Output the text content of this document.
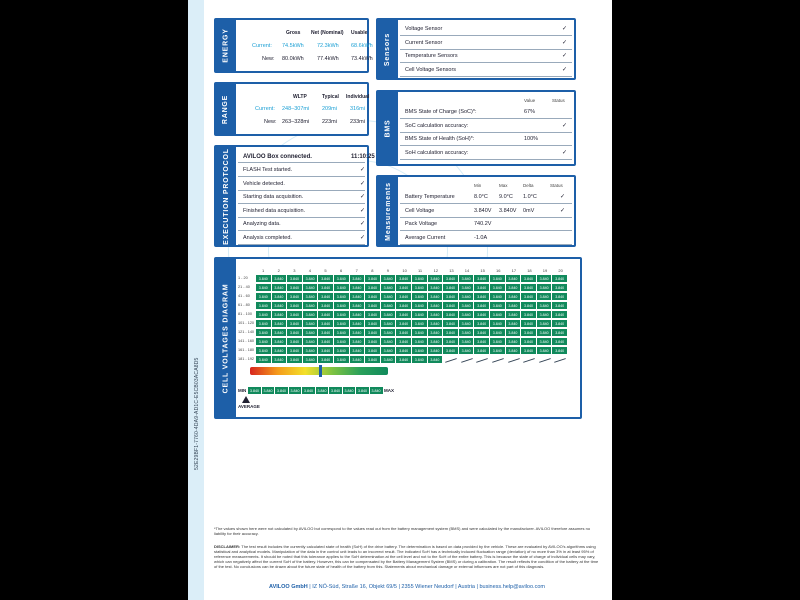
52E29BF1-7760-4DA9-AD1C-E5CB03ACA8D5
ENERGY	Gross Net (Nominal) Usable
Current: 74.5kWh 72.3kWh 68.6kWh
New: 80.0kWh 77.4kWh 73.4kWh
RANGE	WLTP	Typical Individual
Current: 248–307mi 209mi 316mi
New: 263–328mi 223mi 233mi
EXECUTION PROTOCOL AVILOO Box connected.	11:10:25
FLASH Test started.	✓
Vehicle detected.	✓
Starting data acquisition.	✓
Finished data acquisition.	✓
Analyzing data.	✓
Analysis completed.	✓
Sensors
Voltage Sensor	✓
Current Sensor	✓
Temperature Sensors	✓
Cell Voltage Sensors	✓
BMS
Value	Status
BMS State of Charge (SoC)*:	67%
SoC calculation accuracy:	✓
BMS State of Health (SoH)*:	100%
SoH calculation accuracy:	✓
Measurements	Min	Max	Delta	Status
Battery Temperature	8.0°C 9.0°C 1.0°C	✓
Cell Voltage	3.840V 3.840V 0mV	✓
Pack Voltage	740.2V
Average Current	-1.0A
CELL VOLTAGES DIAGRAM MIN	MAX
3.840	3.840	3.840	3.840	3.840	3.840	3.840	3.840	3.840	3.840
AVERAGE
1	2	3	4	5	6	7	8	9	10	11	12	13	14	15	16	17	18	19	20
1 - 20	3.840	3.840	3.840	3.840	3.840	3.840	3.840	3.840	3.840	3.840	3.840	3.840	3.840	3.840	3.840	3.840	3.840	3.840	3.840	3.840
21 - 40	3.840	3.840	3.840	3.840	3.840	3.840	3.840	3.840	3.840	3.840	3.840	3.840	3.840	3.840	3.840	3.840	3.840	3.840	3.840	3.840
41 - 60	3.840	3.840	3.840	3.840	3.840	3.840	3.840	3.840	3.840	3.840	3.840	3.840	3.840	3.840	3.840	3.840	3.840	3.840	3.840	3.840
61 - 80	3.840	3.840	3.840	3.840	3.840	3.840	3.840	3.840	3.840	3.840	3.840	3.840	3.840	3.840	3.840	3.840	3.840	3.840	3.840	3.840
81 - 100	3.840	3.840	3.840	3.840	3.840	3.840	3.840	3.840	3.840	3.840	3.840	3.840	3.840	3.840	3.840	3.840	3.840	3.840	3.840	3.840
101 - 120	3.840	3.840	3.840	3.840	3.840	3.840	3.840	3.840	3.840	3.840	3.840	3.840	3.840	3.840	3.840	3.840	3.840	3.840	3.840	3.840
121 - 140	3.840	3.840	3.840	3.840	3.840	3.840	3.840	3.840	3.840	3.840	3.840	3.840	3.840	3.840	3.840	3.840	3.840	3.840	3.840	3.840
141 - 160	3.840	3.840	3.840	3.840	3.840	3.840	3.840	3.840	3.840	3.840	3.840	3.840	3.840	3.840	3.840	3.840	3.840	3.840	3.840	3.840
161 - 180	3.840	3.840	3.840	3.840	3.840	3.840	3.840	3.840	3.840	3.840	3.840	3.840	3.840	3.840	3.840	3.840	3.840	3.840	3.840	3.840
181 - 192	3.840	3.840	3.840	3.840	3.840	3.840	3.840	3.840	3.840	3.840	3.840	3.840
*The values shown here were not calculated by AVILOO but correspond to the values read out from the battery management system (BMS) and were calculated by the manufacturer. AVILOO therefore assumes no liability for their accuracy.
DISCLAIMER: The test result includes the currently calculated state of health (SoH) of the drive battery. The determination is based on data provided by the vehicle. These are evaluated by AVILOO's algorithms using statistical and analytical models. Manipulation of the data in the control unit leads to an incorrect result. The indicated SoH has a technically induced fluctuation range (deviation) of no more than 3% in at least 95% of reference measurements. It should be noted that this tolerance applies to the SoH determination at the cell level and not to the SoH of the entire battery. This is because the state of charge of individual cells may vary, which can negatively affect the current SoH of the battery. However, this can be compensated by the Battery Management System (BMS) or during a calibration. The result reflects the condition of the battery at the time of the test. No conclusions can be drawn about the future state of health of the battery from this. Statements about mechanical damage or external influences are not part of this diagnosis.
AVILOO GmbH | IZ NÖ-Süd, Straße 16, Objekt 69/5 | 2355 Wiener Neudorf | Austria | business.help@aviloo.com
